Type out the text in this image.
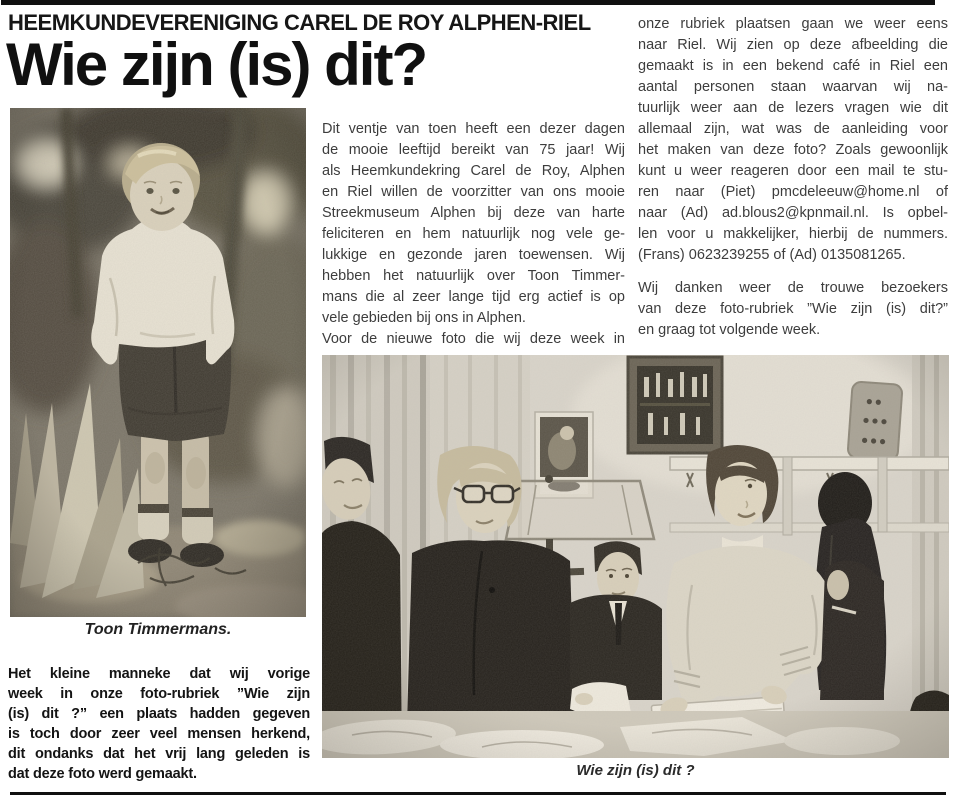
HEEMKUNDEVERENIGING CAREL DE ROY ALPHEN-RIEL
Wie zijn (is) dit?
Toon Timmermans.
Het kleine manneke dat wij vorige
week in onze foto-rubriek ”Wie zijn
(is) dit ?” een plaats hadden gegeven
is toch door zeer veel mensen herkend,
dit ondanks dat het vrij lang geleden is
dat deze foto werd gemaakt.
Dit ventje van toen heeft een dezer dagen
de mooie leeftijd bereikt van 75 jaar! Wij
als Heemkundekring Carel de Roy, Alphen
en Riel willen de voorzitter van ons mooie
Streekmuseum Alphen bij deze van harte
feliciteren en hem natuurlijk nog vele ge-
lukkige en gezonde jaren toewensen. Wij
hebben het natuurlijk over Toon Timmer-
mans die al zeer lange tijd erg actief is op
vele gebieden bij ons in Alphen.
Voor de nieuwe foto die wij deze week in
onze rubriek plaatsen gaan we weer eens
naar Riel. Wij zien op deze afbeelding die
gemaakt is in een bekend café in Riel een
aantal personen staan waarvan wij na-
tuurlijk weer aan de lezers vragen wie dit
allemaal zijn, wat was de aanleiding voor
het maken van deze foto? Zoals gewoonlijk
kunt u weer reageren door een mail te stu-
ren naar (Piet) pmcdeleeuw@home.nl of
naar (Ad) ad.blous2@kpnmail.nl. Is opbel-
len voor u makkelijker, hierbij de nummers.
(Frans) 0623239255 of (Ad) 0135081265.
Wij danken weer de trouwe bezoekers
van deze foto-rubriek ”Wie zijn (is) dit?”
en graag tot volgende week.
Wie zijn (is) dit ?
